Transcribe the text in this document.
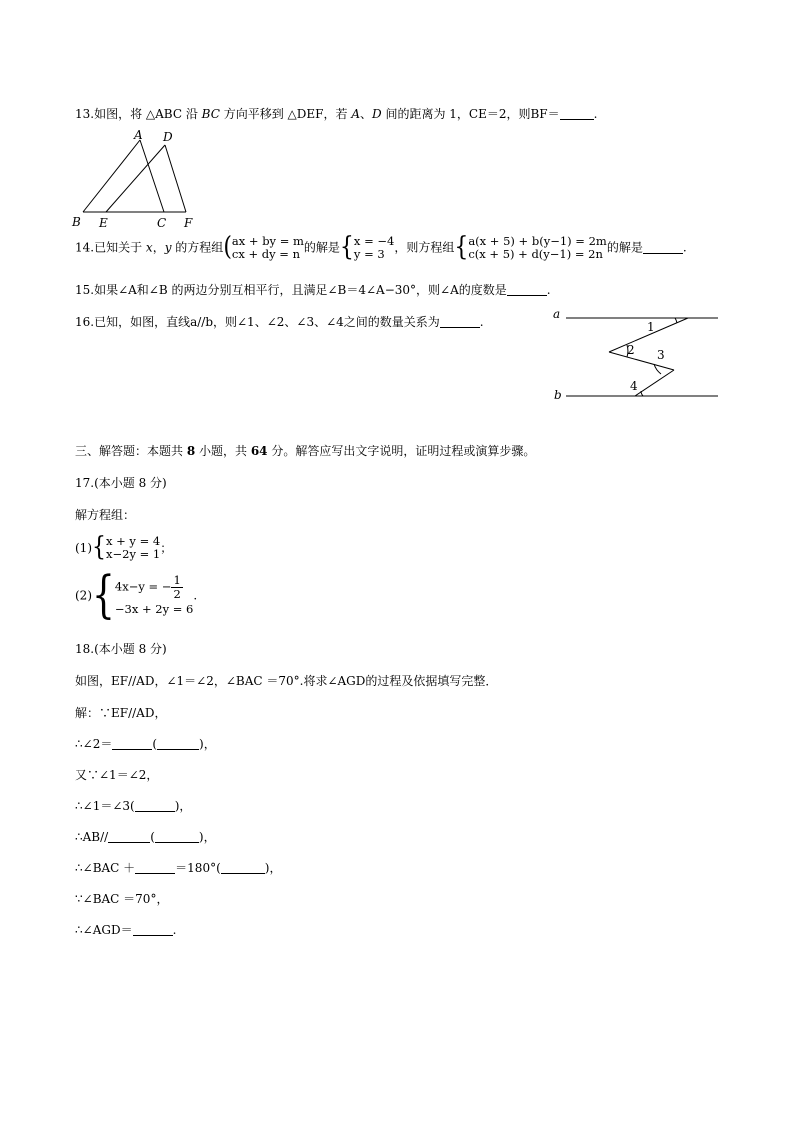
13.如图，将 △ABC 沿 BC 方向平移到 △DEF，若 A、D 间的距离为 1，CE＝2，则BF＝	.
A D
B E	C F
14.已知关于 x，y 的方程组( ax + by = m
cx + dy = n 的解是{ x = −4
y = 3 ，则方程组{ a(x + 5) + b(y−1) = 2m
c(x + 5) + d(y−1) = 2n 的解是	.
15.如果∠A和∠B 的两边分别互相平行，且满足∠B＝4∠A−30°，则∠A的度数是	.
16.已知，如图，直线a//b，则∠1、∠2、∠3、∠4之间的数量关系为	.
a
b
1
2 3
4
三、解答题：本题共 8 小题，共 64 分。解答应写出文字说明，证明过程或演算步骤。
17.(本小题 8 分)
解方程组：
(1){ x + y = 4
x−2y = 1 ；
(2){ 4x−y = − $\frac{1}{2}$
−3x + 2y = 6
.
18.(本小题 8 分)
如图，EF//AD，∠1＝∠2，∠BAC ＝70°.将求∠AGD的过程及依据填写完整．
解：∵EF//AD，
∴∠2＝	(	)，
又∵∠1＝∠2，
∴∠1＝∠3(	)，
∴AB//	(	)，
∴∠BAC ＋	＝180°(	)，
∵∠BAC ＝70°，
∴∠AGD＝	.
